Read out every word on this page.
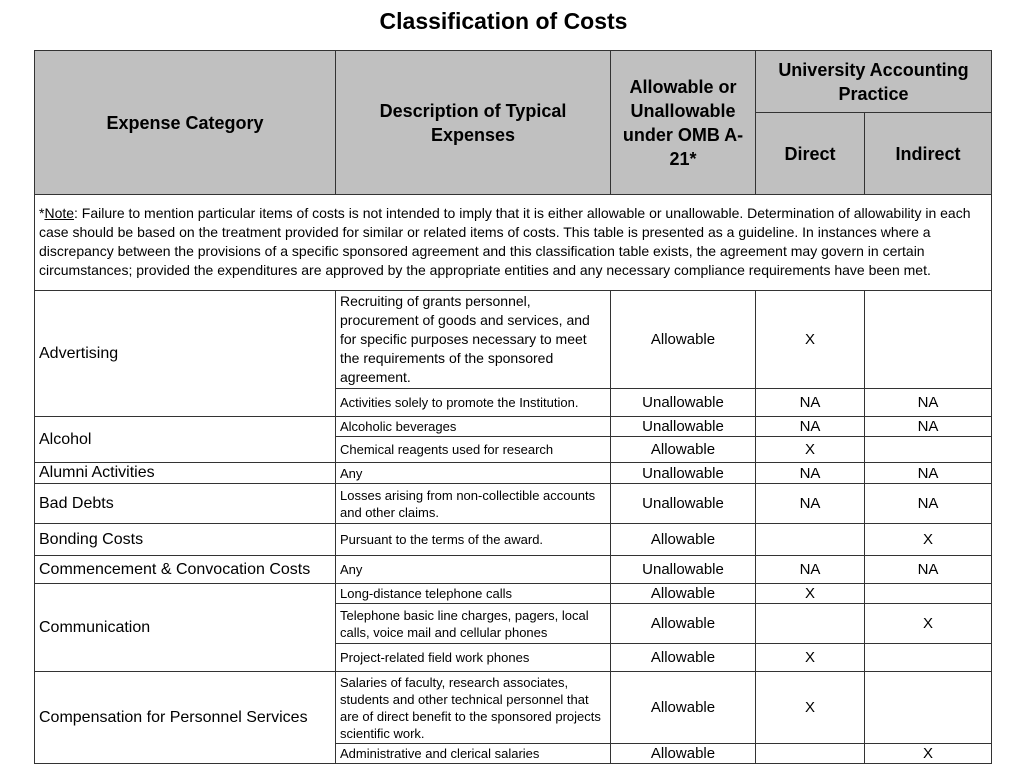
Classification of Costs
Expense Category	Description of Typical Expenses	Allowable or Unallowable under OMB A-21*	University Accounting Practice	
			Direct	Indirect
*Note: Failure to mention particular items of costs is not intended to imply that it is either allowable or unallowable. Determination of allowability in each case should be based on the treatment provided for similar or related items of costs. This table is presented as a guideline. In instances where a discrepancy between the provisions of a specific sponsored agreement and this classification table exists, the agreement may govern in certain circumstances; provided the expenditures are approved by the appropriate entities and any necessary compliance requirements have been met.				
Advertising	Recruiting of grants personnel, procurement of goods and services, and for specific purposes necessary to meet the requirements of the sponsored agreement.	Allowable	X	
	Activities solely to promote the Institution.	Unallowable	NA	NA
Alcohol	Alcoholic beverages	Unallowable	NA	NA
	Chemical reagents used for research	Allowable	X	
Alumni Activities	Any	Unallowable	NA	NA
Bad Debts	Losses arising from non-collectible accounts and other claims.	Unallowable	NA	NA
Bonding Costs	Pursuant to the terms of the award.	Allowable		X
Commencement & Convocation Costs	Any	Unallowable	NA	NA
Communication	Long-distance telephone calls	Allowable	X	
	Telephone basic line charges, pagers, local calls, voice mail and cellular phones	Allowable		X
	Project-related field work phones	Allowable	X	
Compensation for Personnel Services	Salaries of faculty, research associates, students and other technical personnel that are of direct benefit to the sponsored projects scientific work.	Allowable	X	
	Administrative and clerical salaries	Allowable		X
